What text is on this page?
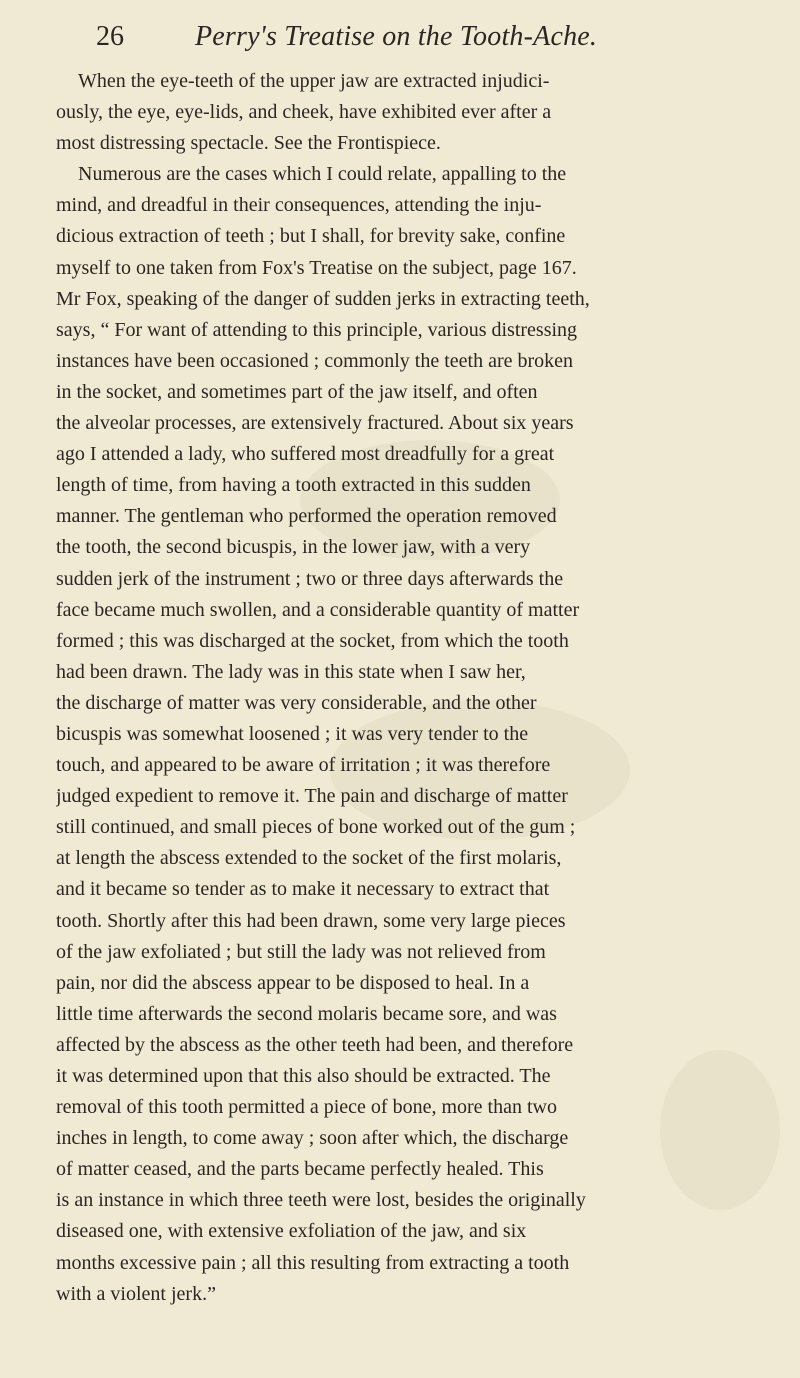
26	Perry's Treatise on the Tooth-Ache.
When the eye-teeth of the upper jaw are extracted injudici-
ously, the eye, eye-lids, and cheek, have exhibited ever after a
most distressing spectacle. See the Frontispiece.
Numerous are the cases which I could relate, appalling to the
mind, and dreadful in their consequences, attending the inju-
dicious extraction of teeth ; but I shall, for brevity sake, confine
myself to one taken from Fox's Treatise on the subject, page 167.
Mr Fox, speaking of the danger of sudden jerks in extracting teeth,
says, “ For want of attending to this principle, various distressing
instances have been occasioned ; commonly the teeth are broken
in the socket, and sometimes part of the jaw itself, and often
the alveolar processes, are extensively fractured. About six years
ago I attended a lady, who suffered most dreadfully for a great
length of time, from having a tooth extracted in this sudden
manner. The gentleman who performed the operation removed
the tooth, the second bicuspis, in the lower jaw, with a very
sudden jerk of the instrument ; two or three days afterwards the
face became much swollen, and a considerable quantity of matter
formed ; this was discharged at the socket, from which the tooth
had been drawn. The lady was in this state when I saw her,
the discharge of matter was very considerable, and the other
bicuspis was somewhat loosened ; it was very tender to the
touch, and appeared to be aware of irritation ; it was therefore
judged expedient to remove it. The pain and discharge of matter
still continued, and small pieces of bone worked out of the gum ;
at length the abscess extended to the socket of the first molaris,
and it became so tender as to make it necessary to extract that
tooth. Shortly after this had been drawn, some very large pieces
of the jaw exfoliated ; but still the lady was not relieved from
pain, nor did the abscess appear to be disposed to heal. In a
little time afterwards the second molaris became sore, and was
affected by the abscess as the other teeth had been, and therefore
it was determined upon that this also should be extracted. The
removal of this tooth permitted a piece of bone, more than two
inches in length, to come away ; soon after which, the discharge
of matter ceased, and the parts became perfectly healed. This
is an instance in which three teeth were lost, besides the originally
diseased one, with extensive exfoliation of the jaw, and six
months excessive pain ; all this resulting from extracting a tooth
with a violent jerk.”
